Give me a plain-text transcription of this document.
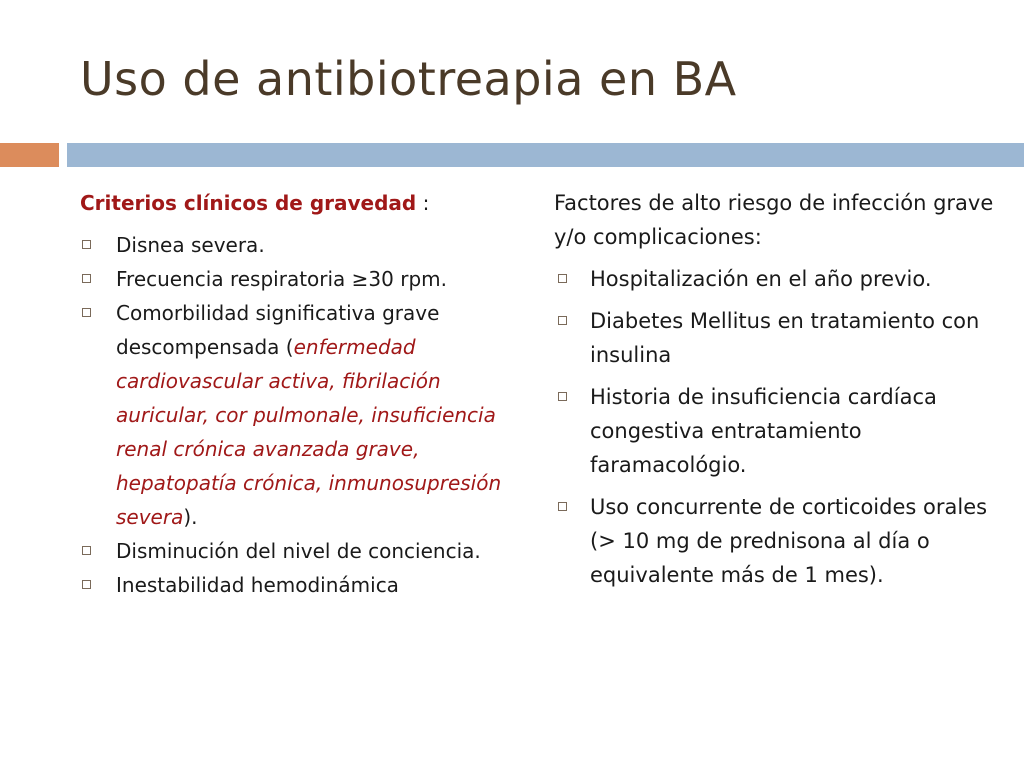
Uso de antibiotreapia en BA
Criterios clínicos de gravedad :
Disnea severa.
Frecuencia respiratoria ≥30 rpm.
Comorbilidad significativa grave descompensada (enfermedad cardiovascular activa, fibrilación auricular, cor pulmonale, insuficiencia renal crónica avanzada grave, hepatopatía crónica, inmunosupresión severa).
Disminución del nivel de conciencia.
Inestabilidad hemodinámica
Factores de alto riesgo de infección grave y/o complicaciones:
Hospitalización en el año previo.
Diabetes Mellitus en tratamiento con insulina
Historia de insuficiencia cardíaca congestiva entratamiento faramacológio.
Uso concurrente de corticoides orales (> 10 mg de prednisona al día o equivalente más de 1 mes).
